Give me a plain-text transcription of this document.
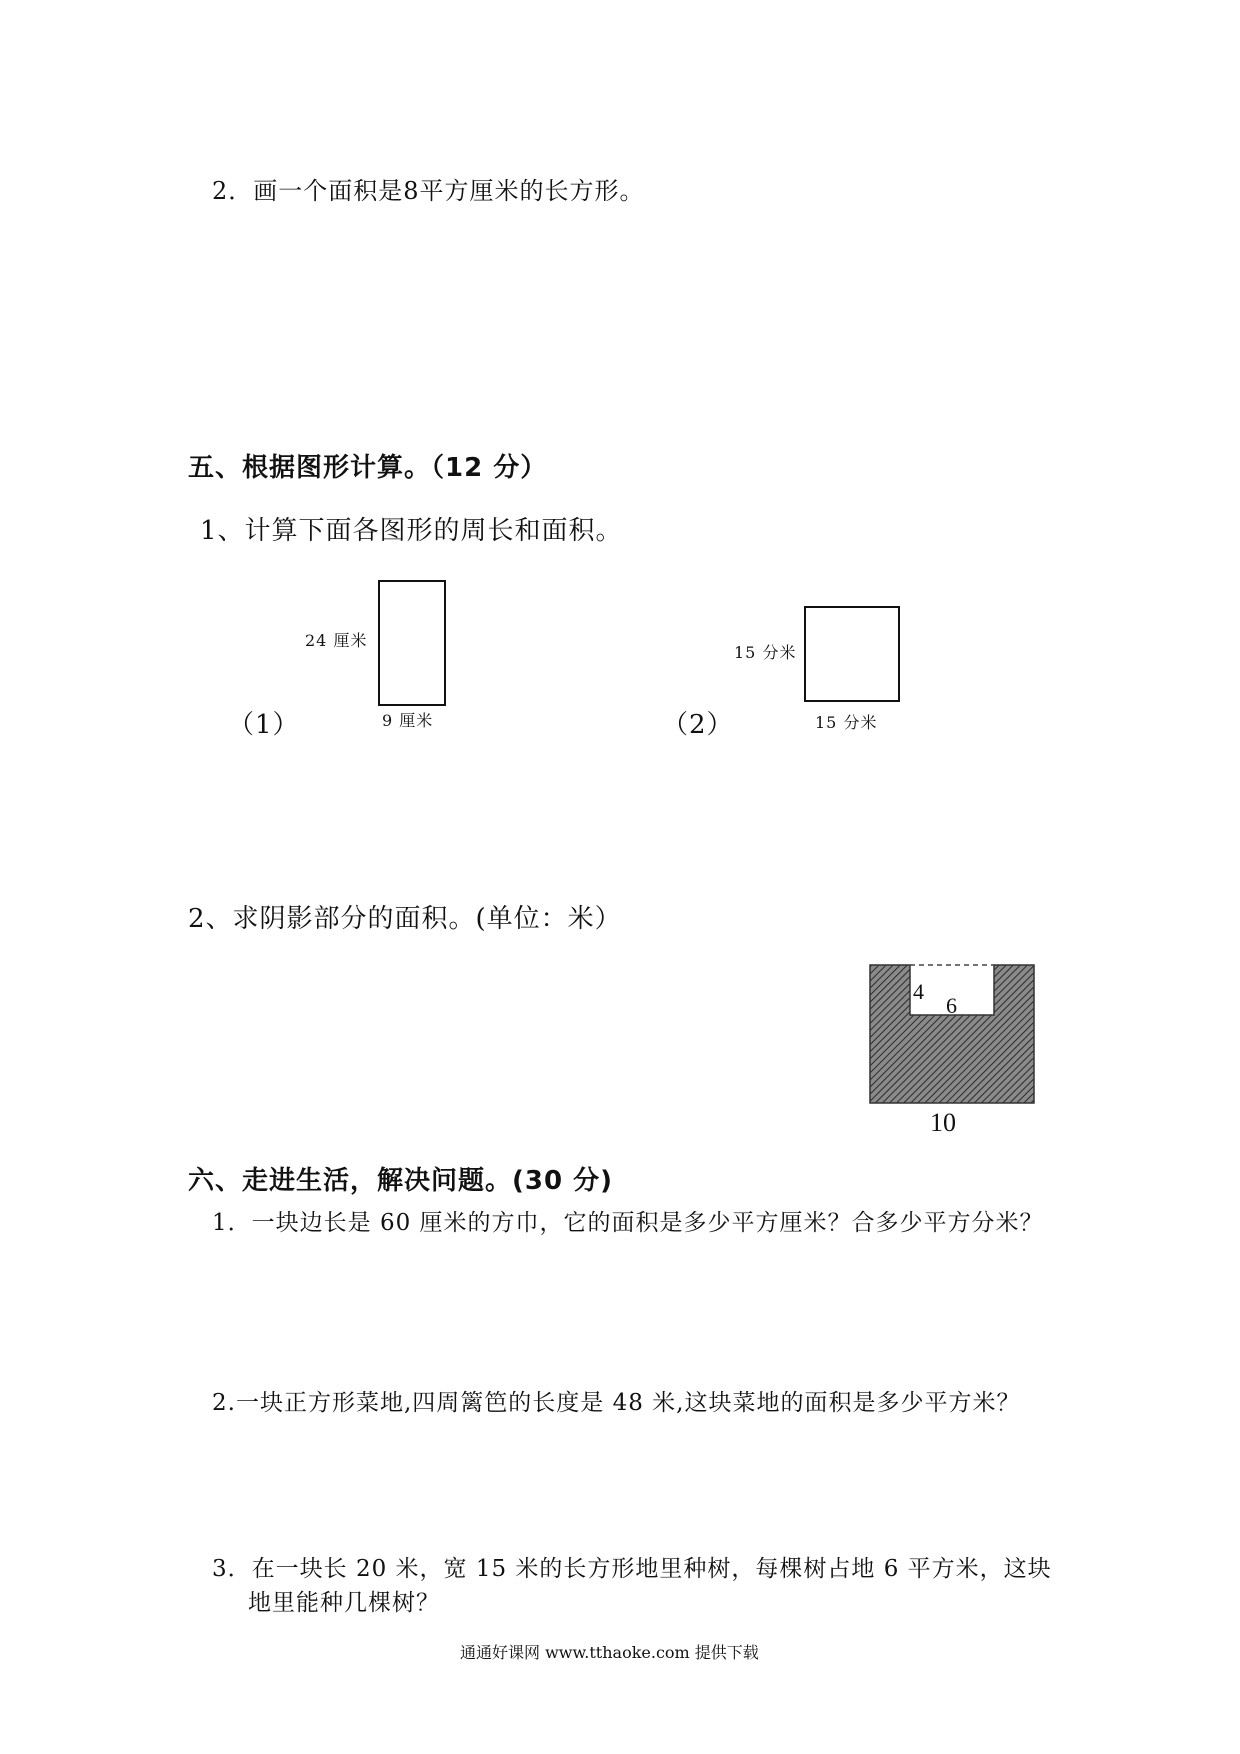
2．画一个面积是8平方厘米的长方形。
五、根据图形计算。（12 分）
1、计算下面各图形的周长和面积。
24 厘米
9 厘米
（1）
15 分米
15 分米
（2）
2、求阴影部分的面积。(单位：米）
4
6
10
六、走进生活，解决问题。(30 分)
1．一块边长是 60 厘米的方巾，它的面积是多少平方厘米？合多少平方分米？
2.一块正方形菜地,四周篱笆的长度是 48 米,这块菜地的面积是多少平方米？
3．在一块长 20 米，宽 15 米的长方形地里种树，每棵树占地 6 平方米，这块
地里能种几棵树？
通通好课网 www.tthaoke.com 提供下载
